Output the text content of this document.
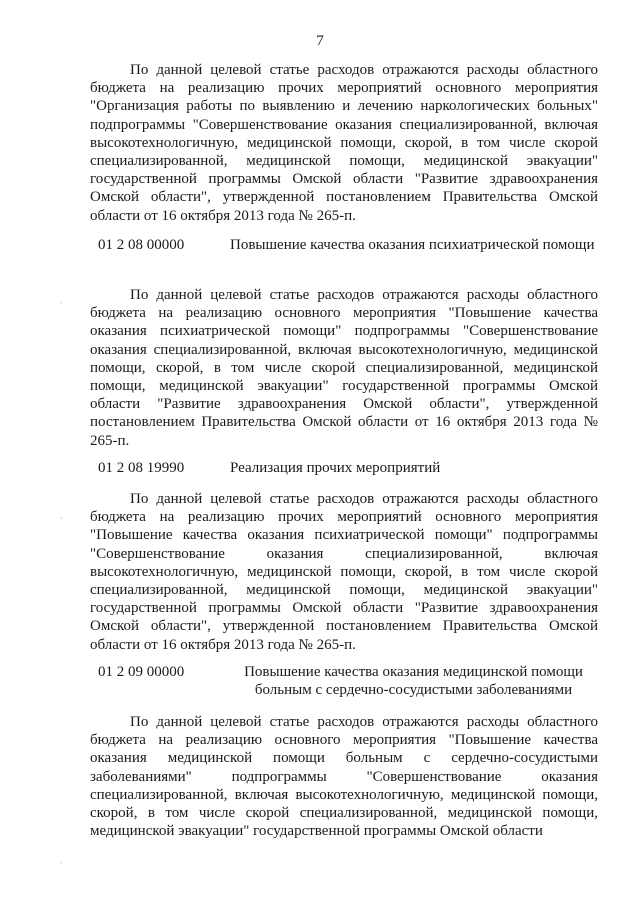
7

По данной целевой статье расходов отражаются расходы областного бюджета на реализацию прочих мероприятий основного мероприятия "Организация работы по выявлению и лечению наркологических больных" подпрограммы "Совершенствование оказания специализированной, включая высокотехнологичную, медицинской помощи, скорой, в том числе скорой специализированной, медицинской помощи, медицинской эвакуации" государственной программы Омской области "Развитие здравоохранения Омской области", утвержденной постановлением Правительства Омской области от 16 октября 2013 года № 265-п.

01 2 08 00000	Повышение качества оказания психиатрической помощи

По данной целевой статье расходов отражаются расходы областного бюджета на реализацию основного мероприятия "Повышение качества оказания психиатрической помощи" подпрограммы "Совершенствование оказания специализированной, включая высокотехнологичную, медицинской помощи, скорой, в том числе скорой специализированной, медицинской помощи, медицинской эвакуации" государственной программы Омской области "Развитие здравоохранения Омской области", утвержденной постановлением Правительства Омской области от 16 октября 2013 года № 265-п.

01 2 08 19990	Реализация прочих мероприятий

По данной целевой статье расходов отражаются расходы областного бюджета на реализацию прочих мероприятий основного мероприятия "Повышение качества оказания психиатрической помощи" подпрограммы "Совершенствование оказания специализированной, включая высокотехнологичную, медицинской помощи, скорой, в том числе скорой специализированной, медицинской помощи, медицинской эвакуации" государственной программы Омской области "Развитие здравоохранения Омской области", утвержденной постановлением Правительства Омской области от 16 октября 2013 года № 265-п.

01 2 09 00000	Повышение качества оказания медицинской помощи больным с сердечно-сосудистыми заболеваниями

По данной целевой статье расходов отражаются расходы областного бюджета на реализацию основного мероприятия "Повышение качества оказания медицинской помощи больным с сердечно-сосудистыми заболеваниями" подпрограммы "Совершенствование оказания специализированной, включая высокотехнологичную, медицинской помощи, скорой, в том числе скорой специализированной, медицинской помощи, медицинской эвакуации" государственной программы Омской области

·
·
·
